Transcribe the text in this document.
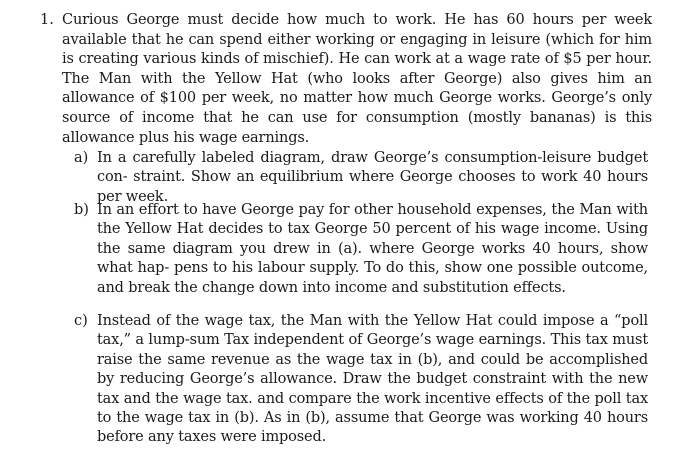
1. Curious George must decide how much to work. He has 60 hours per week available that he can spend either working or engaging in leisure (which for him is creating various kinds of mischief). He can work at a wage rate of $5 per hour. The Man with the Yellow Hat (who looks after George) also gives him an allowance of $100 per week, no matter how much George works. George’s only source of income that he can use for consumption (mostly bananas) is this allowance plus his wage earnings.
a) In a carefully labeled diagram, draw George’s consumption-leisure budget con- straint. Show an equilibrium where George chooses to work 40 hours per week.
b) In an effort to have George pay for other household expenses, the Man with the Yellow Hat decides to tax George 50 percent of his wage income. Using the same diagram you drew in (a). where George works 40 hours, show what hap- pens to his labour supply. To do this, show one possible outcome, and break the change down into income and substitution effects.
c) Instead of the wage tax, the Man with the Yellow Hat could impose a “poll tax,” a lump-sum Tax independent of George’s wage earnings. This tax must raise the same revenue as the wage tax in (b), and could be accomplished by reducing George’s allowance. Draw the budget constraint with the new tax and the wage tax. and compare the work incentive effects of the poll tax to the wage tax in (b). As in (b), assume that George was working 40 hours before any taxes were imposed.
